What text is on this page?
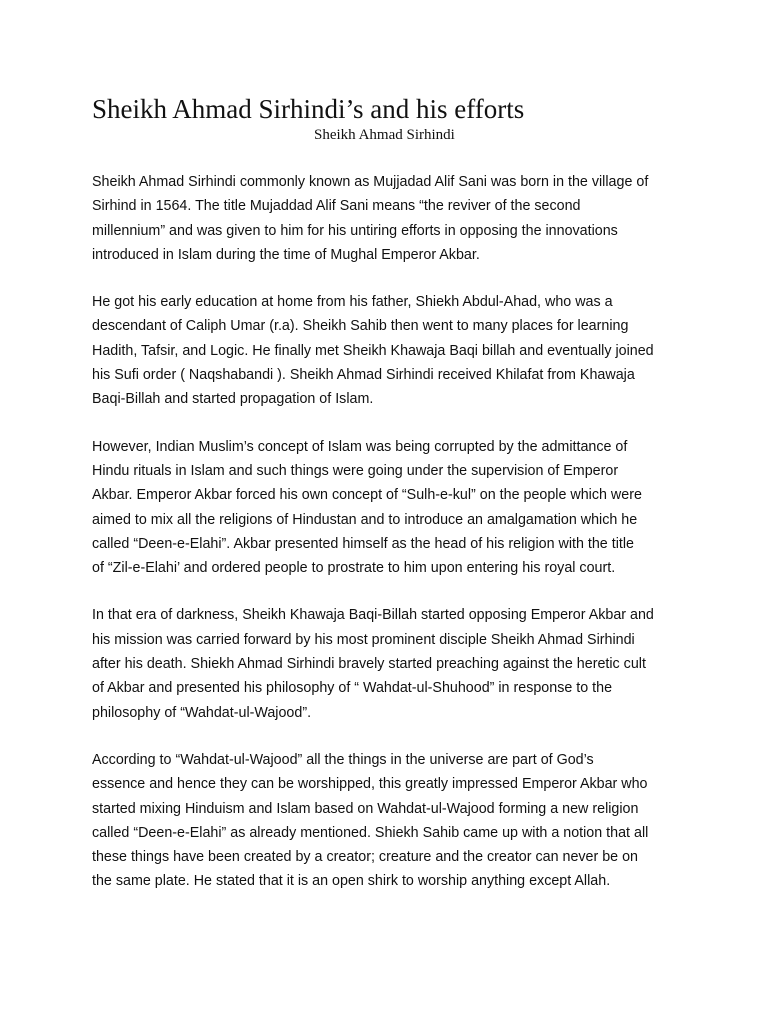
Sheikh Ahmad Sirhindi’s and his efforts
Sheikh Ahmad Sirhindi

Sheikh Ahmad Sirhindi commonly known as Mujjadad Alif Sani was born in the village of
Sirhind in 1564. The title Mujaddad Alif Sani means “the reviver of the second
millennium” and was given to him for his untiring efforts in opposing the innovations
introduced in Islam during the time of Mughal Emperor Akbar.

He got his early education at home from his father, Shiekh Abdul-Ahad, who was a
descendant of Caliph Umar (r.a). Sheikh Sahib then went to many places for learning
Hadith, Tafsir, and Logic. He finally met Sheikh Khawaja Baqi billah and eventually joined
his Sufi order ( Naqshabandi ). Sheikh Ahmad Sirhindi received Khilafat from Khawaja
Baqi-Billah and started propagation of Islam.

However, Indian Muslim’s concept of Islam was being corrupted by the admittance of
Hindu rituals in Islam and such things were going under the supervision of Emperor
Akbar. Emperor Akbar forced his own concept of “Sulh-e-kul” on the people which were
aimed to mix all the religions of Hindustan and to introduce an amalgamation which he
called “Deen-e-Elahi”. Akbar presented himself as the head of his religion with the title
of “Zil-e-Elahi’ and ordered people to prostrate to him upon entering his royal court.

In that era of darkness, Sheikh Khawaja Baqi-Billah started opposing Emperor Akbar and
his mission was carried forward by his most prominent disciple Sheikh Ahmad Sirhindi
after his death. Shiekh Ahmad Sirhindi bravely started preaching against the heretic cult
of Akbar and presented his philosophy of “ Wahdat-ul-Shuhood” in response to the
philosophy of “Wahdat-ul-Wajood”.

According to “Wahdat-ul-Wajood” all the things in the universe are part of God’s
essence and hence they can be worshipped, this greatly impressed Emperor Akbar who
started mixing Hinduism and Islam based on Wahdat-ul-Wajood forming a new religion
called “Deen-e-Elahi” as already mentioned. Shiekh Sahib came up with a notion that all
these things have been created by a creator; creature and the creator can never be on
the same plate. He stated that it is an open shirk to worship anything except Allah.
